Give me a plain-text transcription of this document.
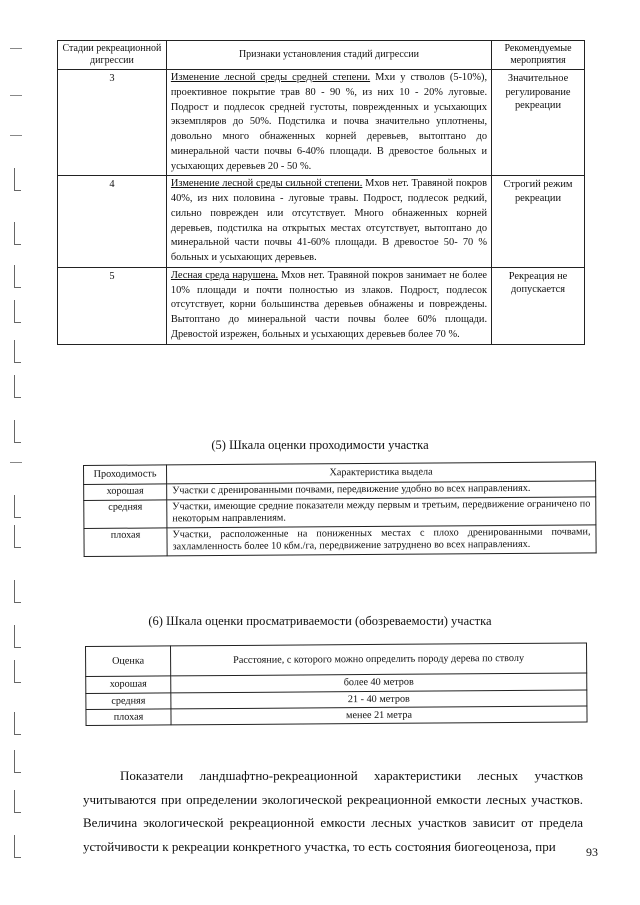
Стадии рекреационной дигрессии	Признаки установления стадий дигрессии	Рекомендуемые мероприятия
3	Изменение лесной среды средней степени. Мхи у стволов (5-10%), проективное покрытие трав 80 - 90 %, из них 10 - 20% луговые. Подрост и подлесок средней густоты, поврежденных и усыхающих экземпляров до 50%. Подстилка и почва значительно уплотнены, довольно много обнаженных корней деревьев, вытоптано до минеральной части почвы 6-40% площади. В древостое больных и усыхающих деревьев 20 - 50 %.	Значительное регулирование рекреации
4	Изменение лесной среды сильной степени. Мхов нет. Травяной покров 40%, из них половина - луговые травы. Подрост, подлесок редкий, сильно поврежден или отсутствует. Много обнаженных корней деревьев, подстилка на открытых местах отсутствует, вытоптано до минеральной части почвы 41-60% площади. В древостое 50- 70 % больных и усыхающих деревьев.	Строгий режим рекреации
5	Лесная среда нарушена. Мхов нет. Травяной покров занимает не более 10% площади и почти полностью из злаков. Подрост, подлесок отсутствует, корни большинства деревьев обнажены и повреждены. Вытоптано до минеральной части почвы более 60% площади. Древостой изрежен, больных и усыхающих деревьев более 70 %.	Рекреация не допускается
(5) Шкала оценки проходимости участка
Проходимость	Характеристика выдела
хорошая	Участки с дренированными почвами, передвижение удобно во всех направлениях.
средняя	Участки, имеющие средние показатели между первым и третьим, передвижение ограничено по некоторым направлениям.
плохая	Участки, расположенные на пониженных местах с плохо дренированными почвами, захламленность более 10 кбм./га, передвижение затруднено во всех направлениях.
(6) Шкала оценки просматриваемости (обозреваемости) участка
Оценка	Расстояние, с которого можно определить породу дерева по стволу
хорошая	более 40 метров
средняя	21 - 40 метров
плохая	менее 21 метра

Показатели ландшафтно-рекреационной характеристики лесных участков учитываются при определении экологической рекреационной емкости лесных участков. Величина экологической рекреационной емкости лесных участков зависит от предела устойчивости к рекреации конкретного участка, то есть состояния биогеоценоза, при	93
